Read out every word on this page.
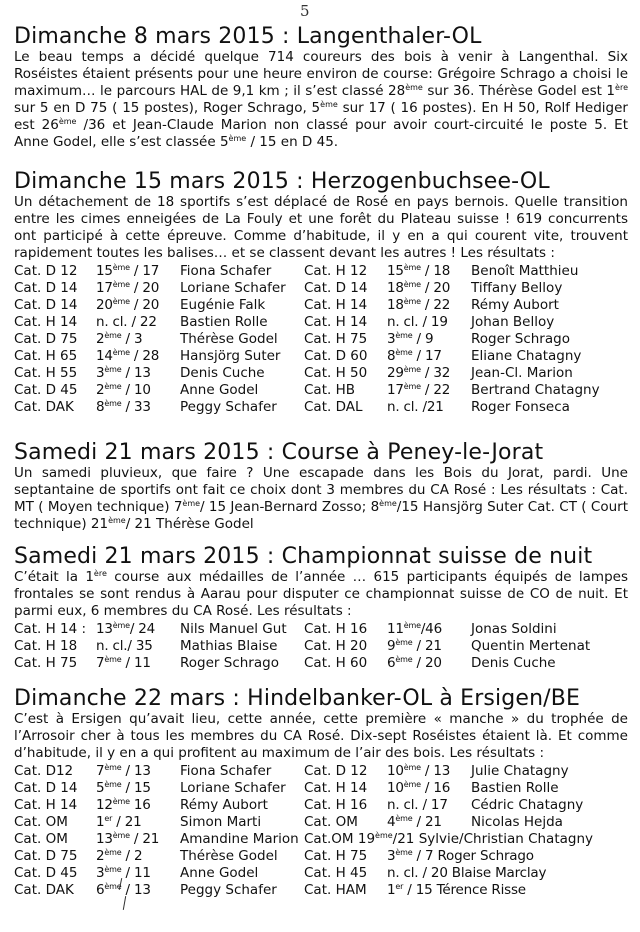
5
Dimanche 8 mars 2015 : Langenthaler-OL

Le beau temps a décidé quelque 714 coureurs des bois à venir à Langenthal. Six Roséistes étaient présents pour une heure environ de course: Grégoire Schrago a choisi le maximum… le parcours HAL de 9,1 km ; il s’est classé 28ème sur 36. Thérèse Godel est 1ère sur 5 en D 75 ( 15 postes), Roger Schrago, 5ème sur 17 ( 16 postes). En H 50, Rolf Hediger est 26ème /36 et Jean-Claude Marion non classé pour avoir court-circuité le poste 5. Et Anne Godel, elle s’est classée 5ème / 15 en D 45.

Dimanche 15 mars 2015 : Herzogenbuchsee-OL

Un détachement de 18 sportifs s’est déplacé de Rosé en pays bernois. Quelle transition entre les cimes enneigées de La Fouly et une forêt du Plateau suisse ! 619 concurrents ont participé à cette épreuve. Comme d’habitude, il y en a qui courent vite, trouvent rapidement toutes les balises… et se classent devant les autres ! Les résultats :

Cat. D 12 15ème / 17 Fiona Schafer Cat. H 12 15ème / 18 Benoît Matthieu
Cat. D 14 17ème / 20 Loriane Schafer Cat. D 14 18ème / 20 Tiffany Belloy
Cat. D 14 20ème / 20 Eugénie Falk	Cat. H 14 18ème / 22 Rémy Aubort
Cat. H 14 n. cl. / 22 Bastien Rolle	Cat. H 14 n. cl. / 19 Johan Belloy
Cat. D 75 2ème / 3	Thérèse Godel Cat. H 75 3ème / 9	Roger Schrago
Cat. H 65 14ème / 28 Hansjörg Suter Cat. D 60 8ème / 17 Eliane Chatagny
Cat. H 55 3ème / 13 Denis Cuche	Cat. H 50 29ème / 32 Jean-Cl. Marion
Cat. D 45 2ème / 10 Anne Godel	Cat. HB 17ème / 22 Bertrand Chatagny
Cat. DAK 8ème / 33 Peggy Schafer Cat. DAL n. cl. /21 Roger Fonseca
Samedi 21 mars 2015 : Course à Peney-le-Jorat

Un samedi pluvieux, que faire ? Une escapade dans les Bois du Jorat, pardi. Une septantaine de sportifs ont fait ce choix dont 3 membres du CA Rosé : Les résultats : Cat. MT ( Moyen technique) 7ème/ 15 Jean-Bernard Zosso; 8ème/15 Hansjörg Suter Cat. CT ( Court technique) 21ème/ 21 Thérèse Godel

Samedi 21 mars 2015 : Championnat suisse de nuit

C’était la 1ère course aux médailles de l’année … 615 participants équipés de lampes frontales se sont rendus à Aarau pour disputer ce championnat suisse de CO de nuit. Et parmi eux, 6 membres du CA Rosé. Les résultats :

Cat. H 14 : 13ème/ 24 Nils Manuel Gut Cat. H 16 11ème/46 Jonas Soldini
Cat. H 18 n. cl./ 35 Mathias Blaise Cat. H 20 9ème / 21 Quentin Mertenat
Cat. H 75 7ème / 11 Roger Schrago Cat. H 60 6ème / 20 Denis Cuche
Dimanche 22 mars : Hindelbanker-OL à Ersigen/BE

C’est à Ersigen qu’avait lieu, cette année, cette première « manche » du trophée de l’Arrosoir cher à tous les membres du CA Rosé. Dix-sept Roséistes étaient là. Et comme d’habitude, il y en a qui profitent au maximum de l’air des bois. Les résultats :

Cat. D12 7ème / 13 Fiona Schafer Cat. D 12 10ème / 13 Julie Chatagny
Cat. D 14 5ème / 15 Loriane Schafer Cat. H 14 10ème / 16 Bastien Rolle
Cat. H 14 12ème 16 Rémy Aubort	Cat. H 16 n. cl. / 17 Cédric Chatagny
Cat. OM 1er / 21	Simon Marti	Cat. OM 4ème / 21 Nicolas Hejda
Cat. OM 13ème / 21 Amandine Marion Cat.OM 19ème/21 Sylvie/Christian Chatagny
Cat. D 75 2ème / 2	Thérèse Godel Cat. H 75 3ème / 7 Roger Schrago
Cat. D 45 3ème / 11 Anne Godel	Cat. H 45 n. cl. / 20 Blaise Marclay
Cat. DAK 6ème / 13 Peggy Schafer Cat. HAM 1er / 15 Térence Risse
